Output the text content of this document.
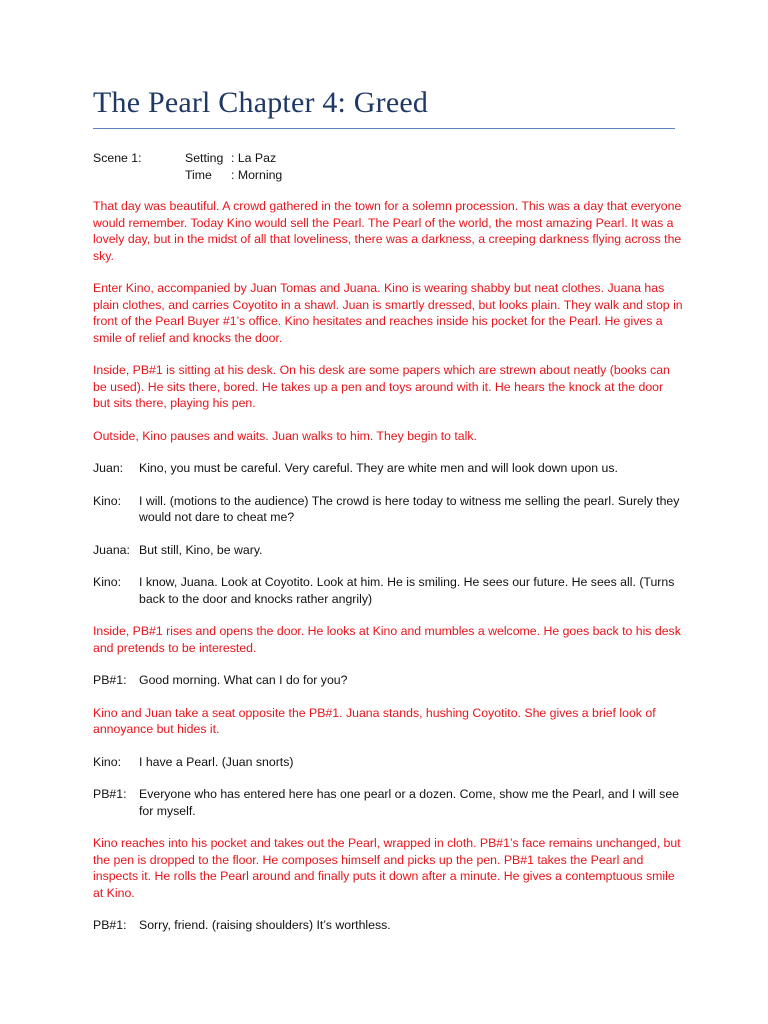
The Pearl Chapter 4: Greed
Scene 1:	Setting : La Paz
Time	: Morning

That day was beautiful. A crowd gathered in the town for a solemn procession. This was a day that everyone would remember. Today Kino would sell the Pearl. The Pearl of the world, the most amazing Pearl. It was a lovely day, but in the midst of all that loveliness, there was a darkness, a creeping darkness flying across the sky.

Enter Kino, accompanied by Juan Tomas and Juana. Kino is wearing shabby but neat clothes. Juana has plain clothes, and carries Coyotito in a shawl. Juan is smartly dressed, but looks plain. They walk and stop in front of the Pearl Buyer #1’s office. Kino hesitates and reaches inside his pocket for the Pearl. He gives a smile of relief and knocks the door.

Inside, PB#1 is sitting at his desk. On his desk are some papers which are strewn about neatly (books can be used). He sits there, bored. He takes up a pen and toys around with it. He hears the knock at the door but sits there, playing his pen.

Outside, Kino pauses and waits. Juan walks to him. They begin to talk.

Juan:	Kino, you must be careful. Very careful. They are white men and will look down upon us.
Kino:	I will. (motions to the audience) The crowd is here today to witness me selling the pearl. Surely they would not dare to cheat me?
Juana: But still, Kino, be wary.
Kino:	I know, Juana. Look at Coyotito. Look at him. He is smiling. He sees our future. He sees all. (Turns back to the door and knocks rather angrily)

Inside, PB#1 rises and opens the door. He looks at Kino and mumbles a welcome. He goes back to his desk and pretends to be interested.

PB#1:	Good morning. What can I do for you?

Kino and Juan take a seat opposite the PB#1. Juana stands, hushing Coyotito. She gives a brief look of annoyance but hides it.

Kino:	I have a Pearl. (Juan snorts)
PB#1:	Everyone who has entered here has one pearl or a dozen. Come, show me the Pearl, and I will see for myself.

Kino reaches into his pocket and takes out the Pearl, wrapped in cloth. PB#1’s face remains unchanged, but the pen is dropped to the floor. He composes himself and picks up the pen. PB#1 takes the Pearl and inspects it. He rolls the Pearl around and finally puts it down after a minute. He gives a contemptuous smile at Kino.

PB#1:	Sorry, friend. (raising shoulders) It’s worthless.
